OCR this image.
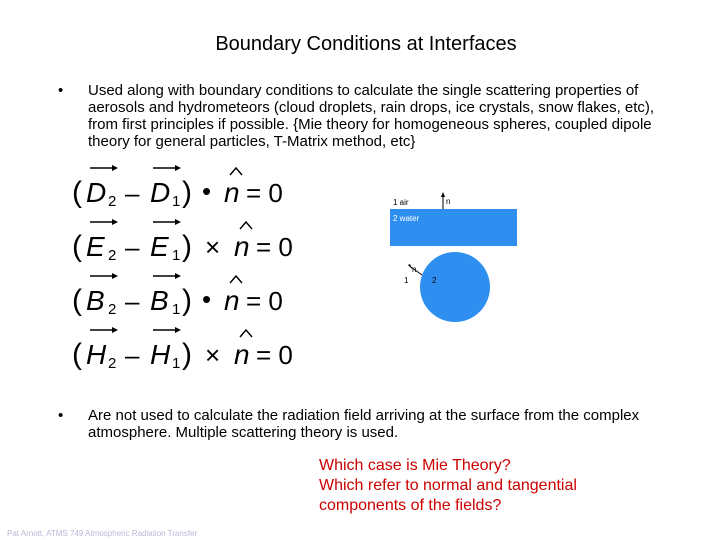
Boundary Conditions at Interfaces
•	Used along with boundary conditions to calculate the single scattering properties of aerosols and hydrometeors (cloud droplets, rain drops, ice crystals, snow flakes, etc), from first principles if possible. {Mie theory for homogeneous spheres, coupled dipole theory for general particles, T-Matrix method, etc}
( D 2 – D 1 ) • n = 0
( E 2 – E 1 ) × n = 0
( B 2 – B 1 ) • n = 0
( H 2 – H 1 ) × n = 0
1 air
2 water
n
n
1	2
•	Are not used to calculate the radiation field arriving at the surface from the complex atmosphere. Multiple scattering theory is used.
Which case is Mie Theory?
Which refer to normal and tangential
components of the fields?
Pat Arnott, ATMS 749 Atmospheric Radiation Transfer
